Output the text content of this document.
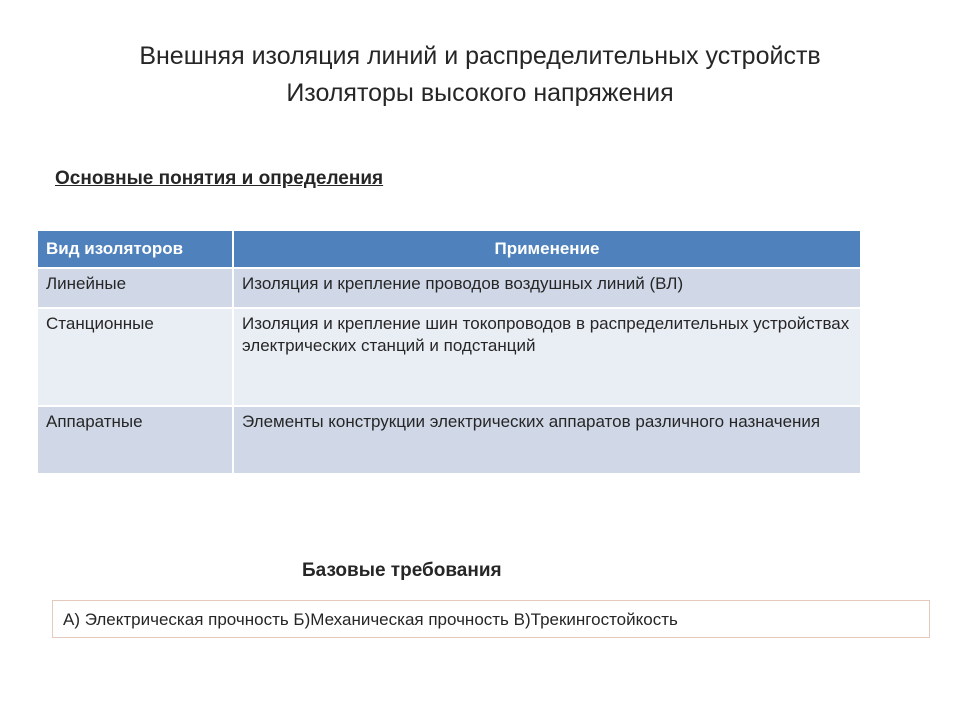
Внешняя изоляция линий и распределительных устройств
Изоляторы высокого напряжения
Основные понятия и определения
Вид изоляторов	Применение
Линейные	Изоляция и крепление проводов воздушных линий (ВЛ)
Станционные	Изоляция и крепление шин токопроводов в распределительных устройствах электрических станций и подстанций
Аппаратные	Элементы конструкции электрических аппаратов различного назначения
Базовые требования
А) Электрическая прочность Б)Механическая прочность В)Трекингостойкость
